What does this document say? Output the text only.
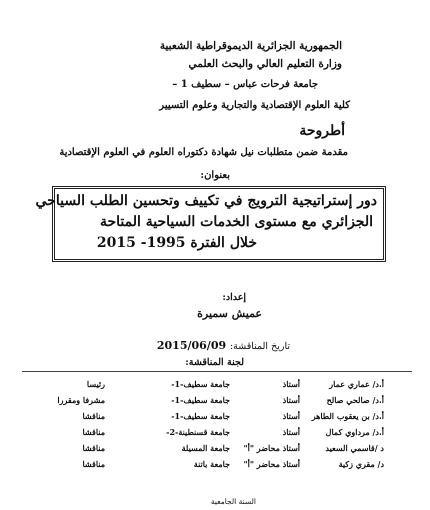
الجمهورية الجزائرية الديموقراطية الشعبية
وزارة التعليم العالي والبحث العلمي
جامعة فرحات عباس – سطيف 1 –
كلية العلوم الإقتصادية والتجارية وعلوم التسيير
أطروحة
مقدمة ضمن متطلبات نيل شهادة دكتوراه العلوم في العلوم الإقتصادية
بعنوان:
دور إستراتيجية الترويج في تكييف وتحسين الطلب السياحي
الجزائري مع مستوى الخدمات السياحية المتاحة
خلال الفترة 1995- 2015
إعداد:
عميش سميرة
تاريخ المناقشة: 2015/06/09
لجنة المناقشة:
أ.د/ عماري عمار
أستاذ
جامعة سطيف-1-
رئيسا
أ.د/ صالحي صالح
أستاذ
جامعة سطيف-1-
مشرفا ومقررا
أ.د/ بن يعقوب الطاهر
أستاذ
جامعة سطيف-1-
مناقشا
أ.د/ مرداوي كمال
أستاذ
جامعة قسنطينة-2-
مناقشا
د /قاسمي السعيد
أستاذ محاضر "أ"
جامعة المسيلة
مناقشا
د/ مقري زكية
أستاذ محاضر "أ"
جامعة باتنة
مناقشا
السنة الجامعية
